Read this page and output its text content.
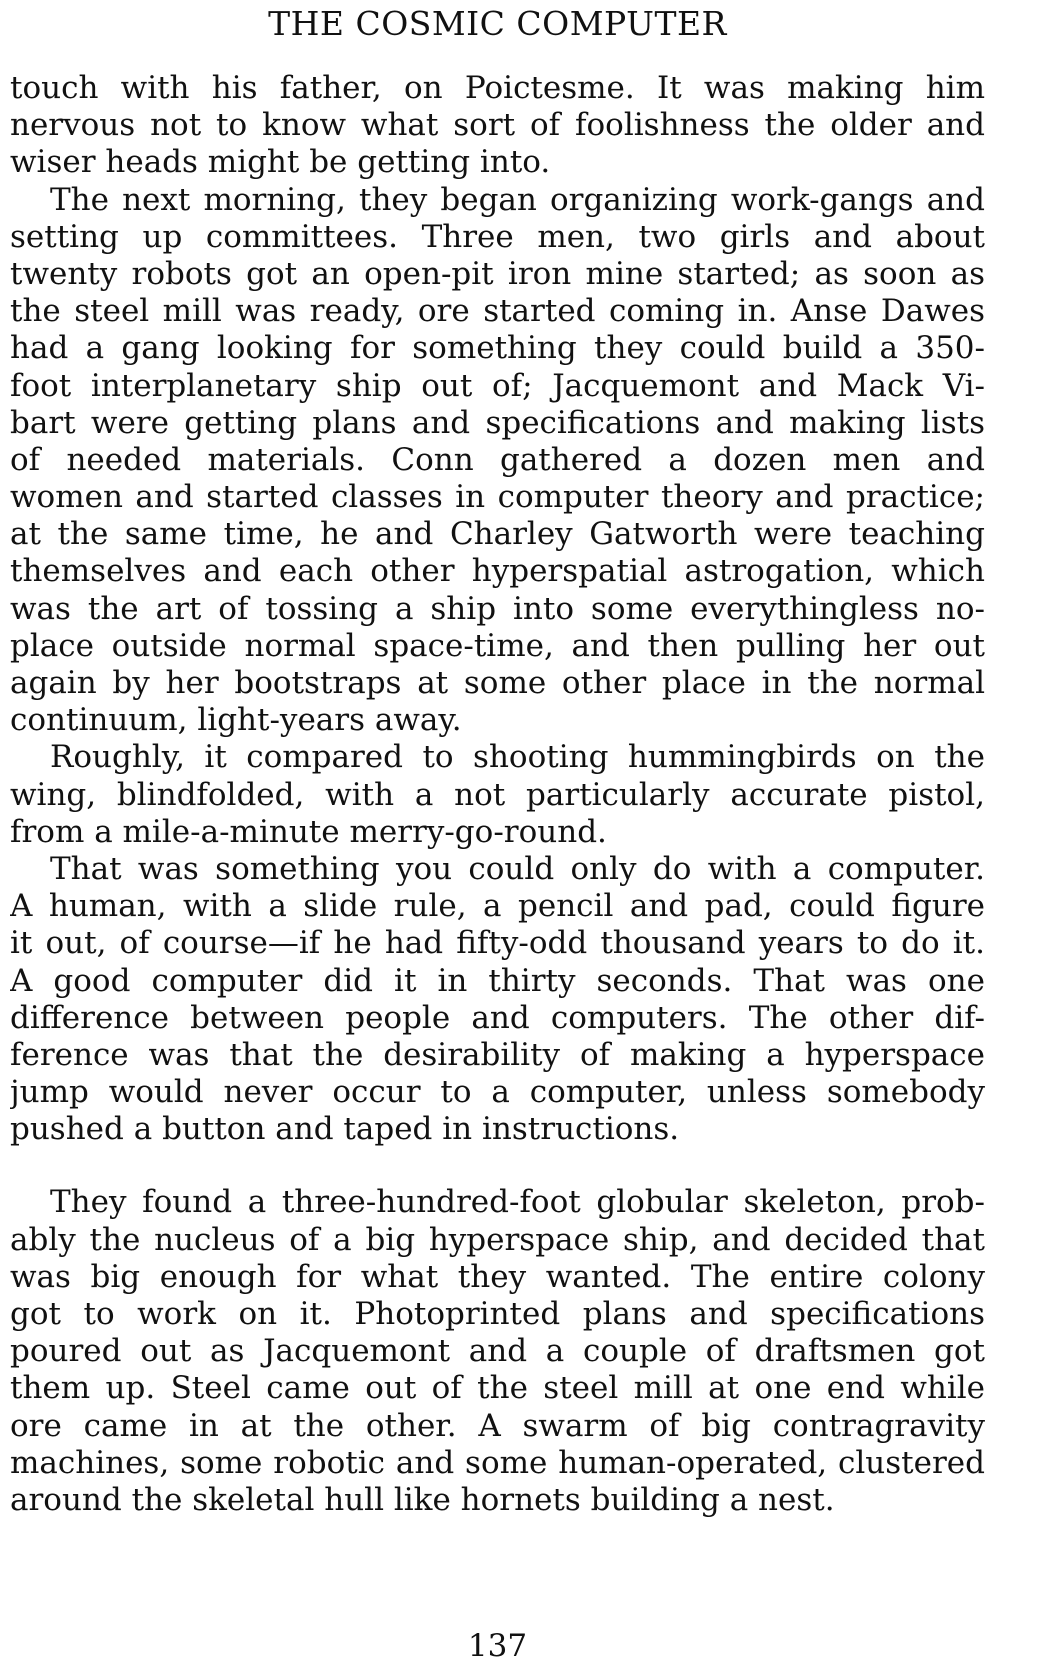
THE COSMIC COMPUTER
touch with his father, on Poictesme. It was making him
nervous not to know what sort of foolishness the older and
wiser heads might be getting into.
The next morning, they began organizing work-gangs and
setting up committees. Three men, two girls and about
twenty robots got an open-pit iron mine started; as soon as
the steel mill was ready, ore started coming in. Anse Dawes
had a gang looking for something they could build a 350-
foot interplanetary ship out of; Jacquemont and Mack Vi-
bart were getting plans and specifications and making lists
of needed materials. Conn gathered a dozen men and
women and started classes in computer theory and practice;
at the same time, he and Charley Gatworth were teaching
themselves and each other hyperspatial astrogation, which
was the art of tossing a ship into some everythingless no-
place outside normal space-time, and then pulling her out
again by her bootstraps at some other place in the normal
continuum, light-years away.
Roughly, it compared to shooting hummingbirds on the
wing, blindfolded, with a not particularly accurate pistol,
from a mile-a-minute merry-go-round.
That was something you could only do with a computer.
A human, with a slide rule, a pencil and pad, could figure
it out, of course—if he had fifty-odd thousand years to do it.
A good computer did it in thirty seconds. That was one
difference between people and computers. The other dif-
ference was that the desirability of making a hyperspace
jump would never occur to a computer, unless somebody
pushed a button and taped in instructions.
They found a three-hundred-foot globular skeleton, prob-
ably the nucleus of a big hyperspace ship, and decided that
was big enough for what they wanted. The entire colony
got to work on it. Photoprinted plans and specifications
poured out as Jacquemont and a couple of draftsmen got
them up. Steel came out of the steel mill at one end while
ore came in at the other. A swarm of big contragravity
machines, some robotic and some human-operated, clustered
around the skeletal hull like hornets building a nest.
137
